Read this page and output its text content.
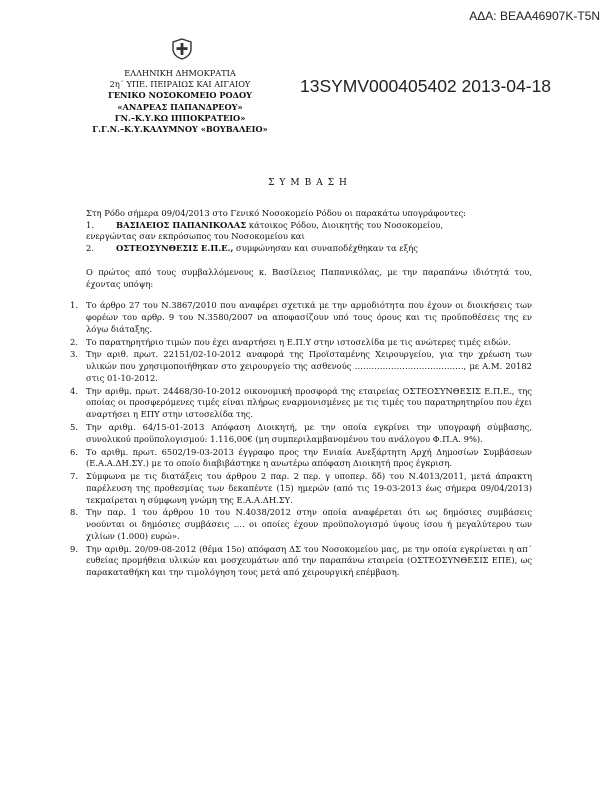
ΑΔΑ: ΒΕΑΑ46907Κ-Τ5Ν
ΕΛΛΗΝΙΚΗ ΔΗΜΟΚΡΑΤΙΑ
2η΄ ΥΠΕ. ΠΕΙΡΑΙΩΣ ΚΑΙ ΑΙΓΑΙΟΥ
ΓΕΝΙΚΟ ΝΟΣΟΚΟΜΕΙΟ ΡΟΔΟΥ
«ΑΝΔΡΕΑΣ ΠΑΠΑΝΔΡΕΟΥ»
ΓΝ.–Κ.Υ.ΚΩ ΙΠΠΟΚΡΑΤΕΙΟ»
Γ.Γ.Ν.–Κ.Υ.ΚΑΛΥΜΝΟΥ «ΒΟΥΒΑΛΕΙΟ»
13SYMV000405402 2013-04-18
ΣΥΜΒΑΣΗ

Στη Ρόδο σήμερα 09/04/2013 στο Γενικό Νοσοκομείο Ρόδου οι παρακάτω υπογράφοντες:

1.	ΒΑΣΙΛΕΙΟΣ ΠΑΠΑΝΙΚΟΛΑΣ κάτοικος Ρόδου, Διοικητής του Νοσοκομείου,
ενεργώντας σαν εκπρόσωπος του Νοσοκομείου και
2.	ΟΣΤΕΟΣΥΝΘΕΣΙΣ Ε.Π.Ε., συμφώνησαν και συναποδέχθηκαν τα εξής

Ο πρώτος από τους συμβαλλόμενους κ. Βασίλειος Παπανικόλας, με την παραπάνω ιδιότητά του, έχοντας υπόψη:

1. Το άρθρο 27 του Ν.3867/2010 που αναφέρει σχετικά με την αρμοδιότητα που έχουν οι διοικήσεις των φορέων του αρθρ. 9 του Ν.3580/2007 να αποφασίζουν υπό τους όρους και τις προϋποθέσεις της εν λόγω διάταξης.
2. Το παρατηρητήριο τιμών που έχει αναρτήσει η Ε.Π.Υ στην ιστοσελίδα με τις ανώτερες τιμές ειδών.
3. Την αριθ. πρωτ. 22151/02-10-2012 αναφορά της Προϊσταμένης Χειρουργείου, για την χρέωση των υλικών που χρησιμοποιήθηκαν στο χειρουργείο της ασθενούς …………………………………, με Α.Μ. 20182 στις 01-10-2012.
4. Την αριθμ. πρωτ. 24468/30-10-2012 οικονομική προσφορά της εταιρείας ΟΣΤΕΟΣΥΝΘΕΣΙΣ Ε.Π.Ε., της οποίας οι προσφερόμενες τιμές είναι πλήρως εναρμονισμένες με τις τιμές του παρατηρητηρίου που έχει αναρτήσει η ΕΠΥ στην ιστοσελίδα της.
5. Την αριθμ. 64/15-01-2013 Απόφαση Διοικητή, με την οποία εγκρίνει την υπογραφή σύμβασης, συνολικού προϋπολογισμού: 1.116,00€ (μη συμπεριλαμβανομένου του ανάλογου Φ.Π.Α. 9%).
6. Το αριθμ. πρωτ. 6502/19-03-2013 έγγραφο προς την Ενιαία Ανεξάρτητη Αρχή Δημοσίων Συμβάσεων (Ε.Α.Α.ΔΗ.ΣΥ.) με το οποίο διαβιβάστηκε η ανωτέρω απόφαση Διοικητή προς έγκριση.
7. Σύμφωνα με τις διατάξεις του άρθρου 2 παρ. 2 περ. γ υποπερ. δδ) του Ν.4013/2011, μετά άπρακτη παρέλευση της προθεσμίας των δεκαπέντε (15) ημερών (από τις 19-03-2013 έως σήμερα 09/04/2013) τεκμαίρεται η σύμφωνη γνώμη της Ε.Α.Α.ΔΗ.ΣΥ.
8. Την παρ. 1 του άρθρου 10 του Ν.4038/2012 στην οποία αναφέρεται ότι ως δημόσιες συμβάσεις νοούνται οι δημόσιες συμβάσεις …. οι οποίες έχουν προϋπολογισμό ύψους ίσου ή μεγαλύτερου των χιλίων (1.000) ευρώ».
9. Την αριθμ. 20/09-08-2012 (θέμα 15ο) απόφαση ΔΣ του Νοσοκομείου μας, με την οποία εγκρίνεται η απ΄ ευθείας προμήθεια υλικών και μοσχευμάτων από την παραπάνω εταιρεία (ΟΣΤΕΟΣΥΝΘΕΣΙΣ ΕΠΕ), ως παρακαταθήκη και την τιμολόγηση τους μετά από χειρουργική επέμβαση.
